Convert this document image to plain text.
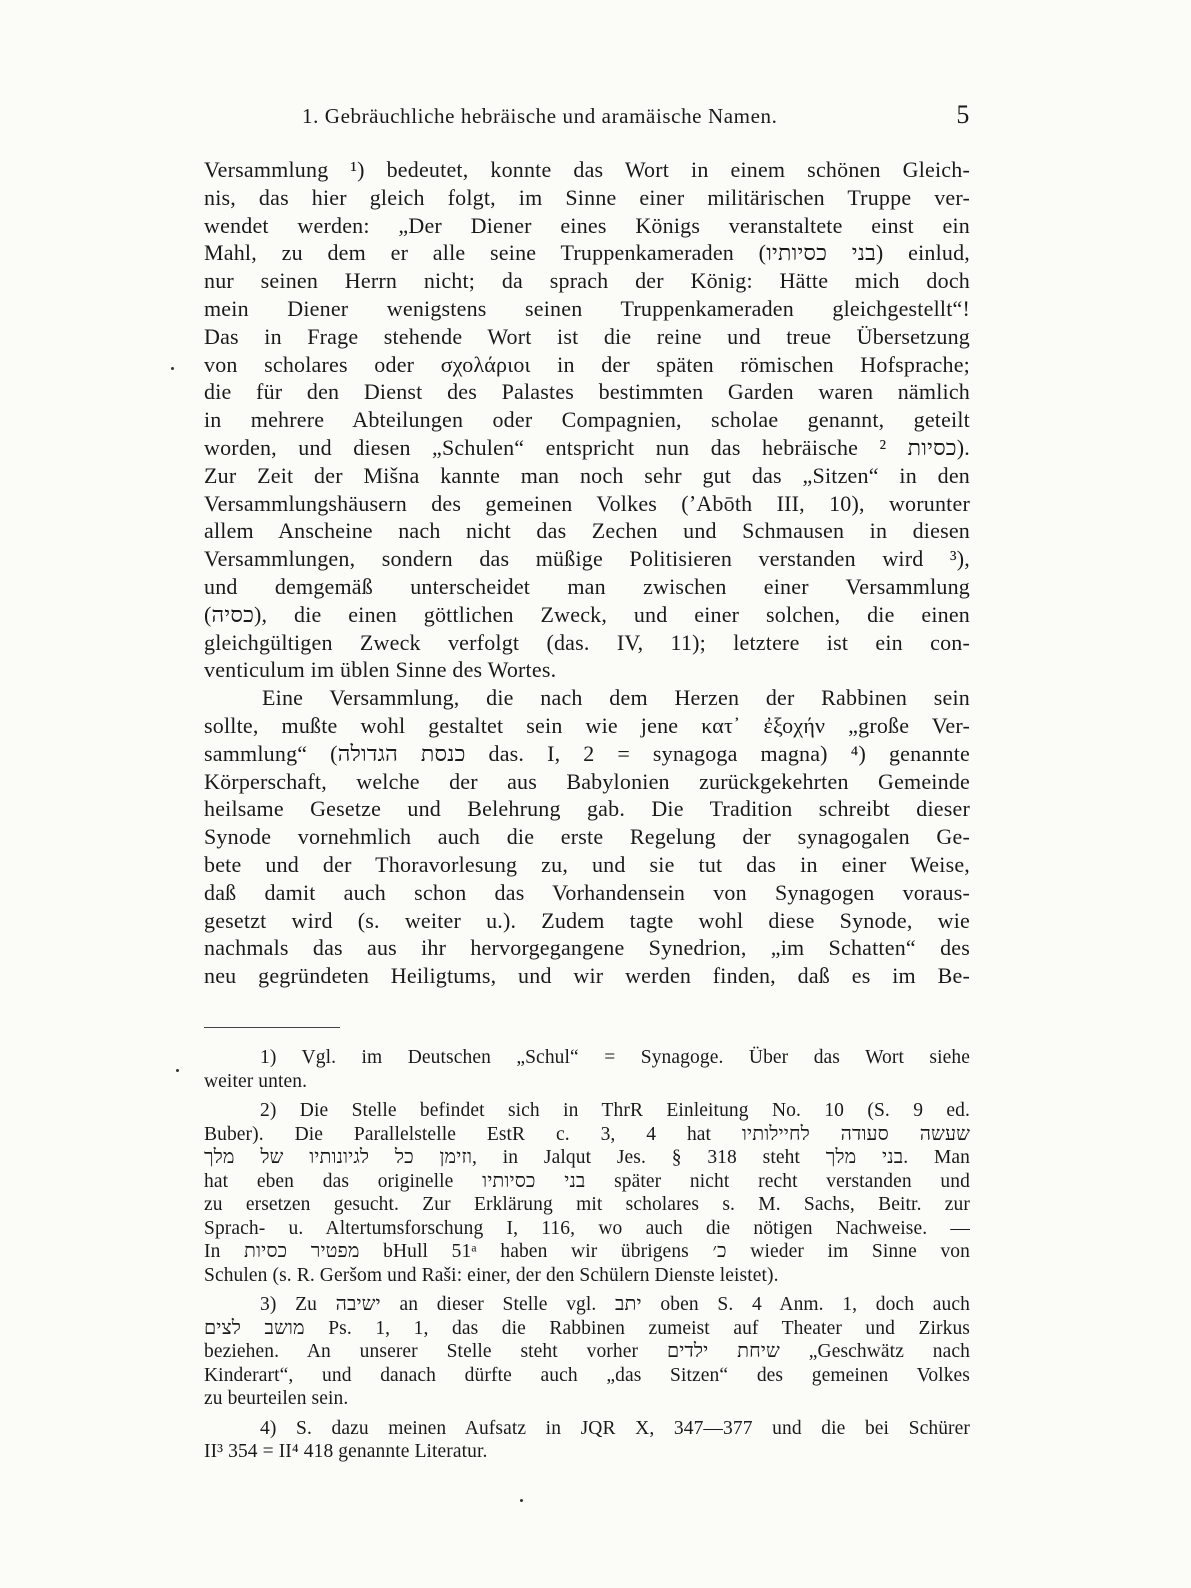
1. Gebräuchliche hebräische und aramäische Namen.	5
Versammlung ¹) bedeutet, konnte das Wort in einem schönen Gleich-
nis, das hier gleich folgt, im Sinne einer militärischen Truppe ver-
wendet werden: „Der Diener eines Königs veranstaltete einst ein
Mahl, zu dem er alle seine Truppenkameraden (בני כסיותיו) einlud,
nur seinen Herrn nicht; da sprach der König: Hätte mich doch
mein Diener wenigstens seinen Truppenkameraden gleichgestellt“!
Das in Frage stehende Wort ist die reine und treue Übersetzung
von scholares oder σχολάριοι in der späten römischen Hofsprache;
die für den Dienst des Palastes bestimmten Garden waren nämlich
in mehrere Abteilungen oder Compagnien, scholae genannt, geteilt
worden, und diesen „Schulen“ entspricht nun das hebräische כסיות ²).
Zur Zeit der Mišna kannte man noch sehr gut das „Sitzen“ in den
Versammlungshäusern des gemeinen Volkes (ʼAbōth III, 10), worunter
allem Anscheine nach nicht das Zechen und Schmausen in diesen
Versammlungen, sondern das müßige Politisieren verstanden wird ³),
und demgemäß unterscheidet man zwischen einer Versammlung
(כסיה), die einen göttlichen Zweck, und einer solchen, die einen
gleichgültigen Zweck verfolgt (das. IV, 11); letztere ist ein con-
venticulum im üblen Sinne des Wortes.
Eine Versammlung, die nach dem Herzen der Rabbinen sein
sollte, mußte wohl gestaltet sein wie jene κατ᾽ ἐξοχήν „große Ver-
sammlung“ (כנסת הגדולה das. I, 2 = synagoga magna) ⁴) genannte
Körperschaft, welche der aus Babylonien zurückgekehrten Gemeinde
heilsame Gesetze und Belehrung gab. Die Tradition schreibt dieser
Synode vornehmlich auch die erste Regelung der synagogalen Ge-
bete und der Thoravorlesung zu, und sie tut das in einer Weise,
daß damit auch schon das Vorhandensein von Synagogen voraus-
gesetzt wird (s. weiter u.). Zudem tagte wohl diese Synode, wie
nachmals das aus ihr hervorgegangene Synedrion, „im Schatten“ des
neu gegründeten Heiligtums, und wir werden finden, daß es im Be-
1) Vgl. im Deutschen „Schul“ = Synagoge. Über das Wort siehe
weiter unten.
2) Die Stelle befindet sich in ThrR Einleitung No. 10 (S. 9 ed.
Buber). Die Parallelstelle EstR c. 3, 4 hat שעשה סעודה לחיילותיו
וזימן כל לגיונותיו של מלך, in Jalqut Jes. § 318 steht בני מלך. Man
hat eben das originelle בני כסיותיו später nicht recht verstanden und
zu ersetzen gesucht. Zur Erklärung mit scholares s. M. Sachs, Beitr. zur
Sprach- u. Altertumsforschung I, 116, wo auch die nötigen Nachweise. —
In מפטיר כסיות bHull 51ᵃ haben wir übrigens כ׳ wieder im Sinne von
Schulen (s. R. Geršom und Raši: einer, der den Schülern Dienste leistet).
3) Zu ישיבה an dieser Stelle vgl. יתב oben S. 4 Anm. 1, doch auch
מושב לצים Ps. 1, 1, das die Rabbinen zumeist auf Theater und Zirkus
beziehen. An unserer Stelle steht vorher שיחת ילדים „Geschwätz nach
Kinderart“, und danach dürfte auch „das Sitzen“ des gemeinen Volkes
zu beurteilen sein.
4) S. dazu meinen Aufsatz in JQR X, 347—377 und die bei Schürer
II³ 354 = II⁴ 418 genannte Literatur.
